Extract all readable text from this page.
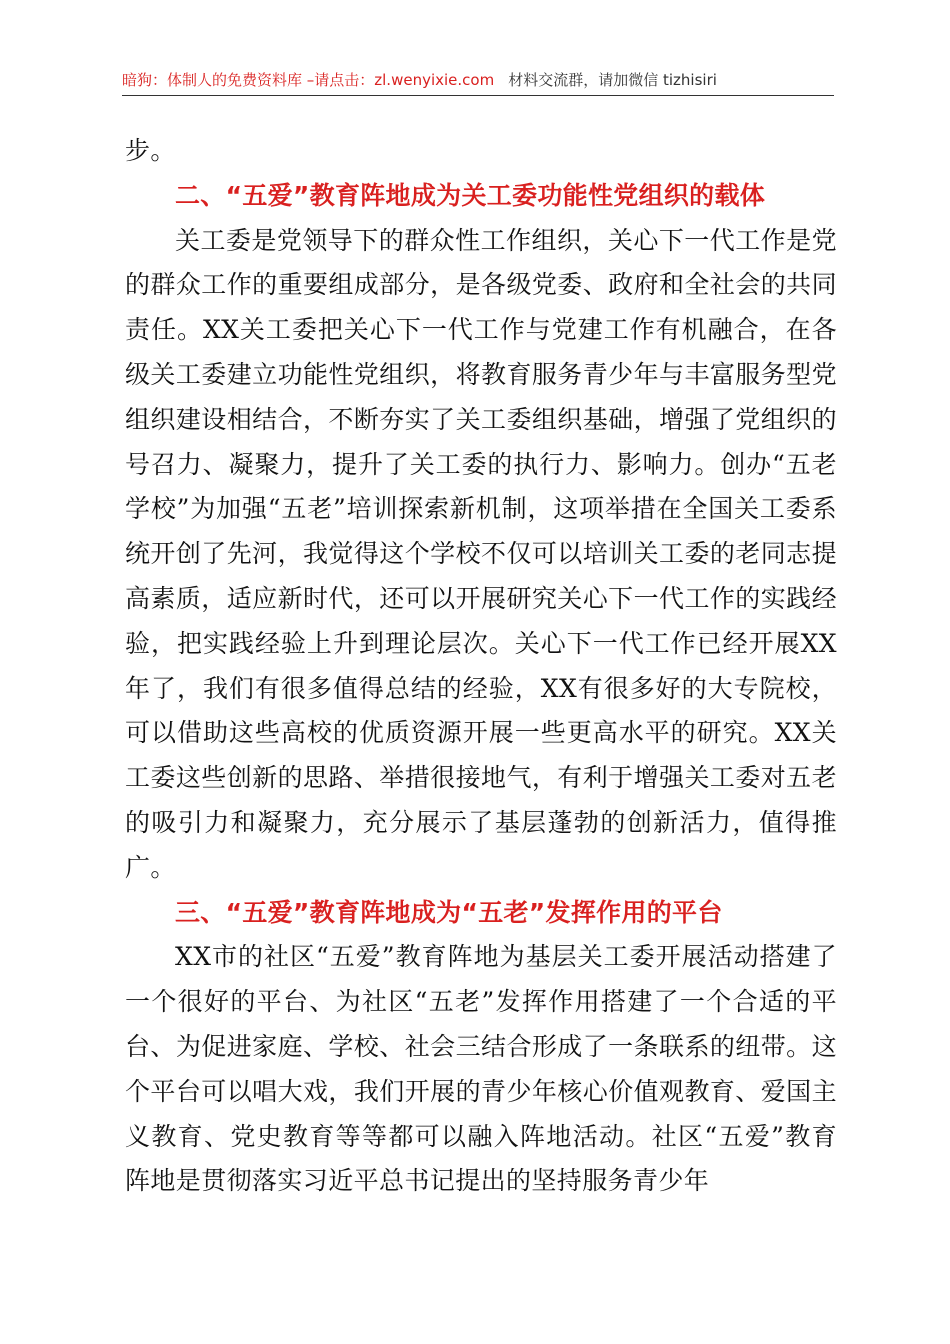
暗狗：体制人的免费资料库 –请点击：zl.wenyixie.com 材料交流群，请加微信 tizhisiri

步。

二、“五爱”教育阵地成为关工委功能性党组织的载体

关工委是党领导下的群众性工作组织，关心下一代工作是党的群众工作的重要组成部分，是各级党委、政府和全社会的共同责任。XX关工委把关心下一代工作与党建工作有机融合，在各级关工委建立功能性党组织，将教育服务青少年与丰富服务型党组织建设相结合，不断夯实了关工委组织基础，增强了党组织的号召力、凝聚力，提升了关工委的执行力、影响力。创办“五老学校”为加强“五老”培训探索新机制，这项举措在全国关工委系统开创了先河，我觉得这个学校不仅可以培训关工委的老同志提高素质，适应新时代，还可以开展研究关心下一代工作的实践经验，把实践经验上升到理论层次。关心下一代工作已经开展XX年了，我们有很多值得总结的经验，XX有很多好的大专院校，可以借助这些高校的优质资源开展一些更高水平的研究。XX关工委这些创新的思路、举措很接地气，有利于增强关工委对五老的吸引力和凝聚力，充分展示了基层蓬勃的创新活力，值得推广。

三、“五爱”教育阵地成为“五老”发挥作用的平台

XX市的社区“五爱”教育阵地为基层关工委开展活动搭建了一个很好的平台、为社区“五老”发挥作用搭建了一个合适的平台、为促进家庭、学校、社会三结合形成了一条联系的纽带。这个平台可以唱大戏，我们开展的青少年核心价值观教育、爱国主义教育、党史教育等等都可以融入阵地活动。社区“五爱”教育阵地是贯彻落实习近平总书记提出的坚持服务青少年
